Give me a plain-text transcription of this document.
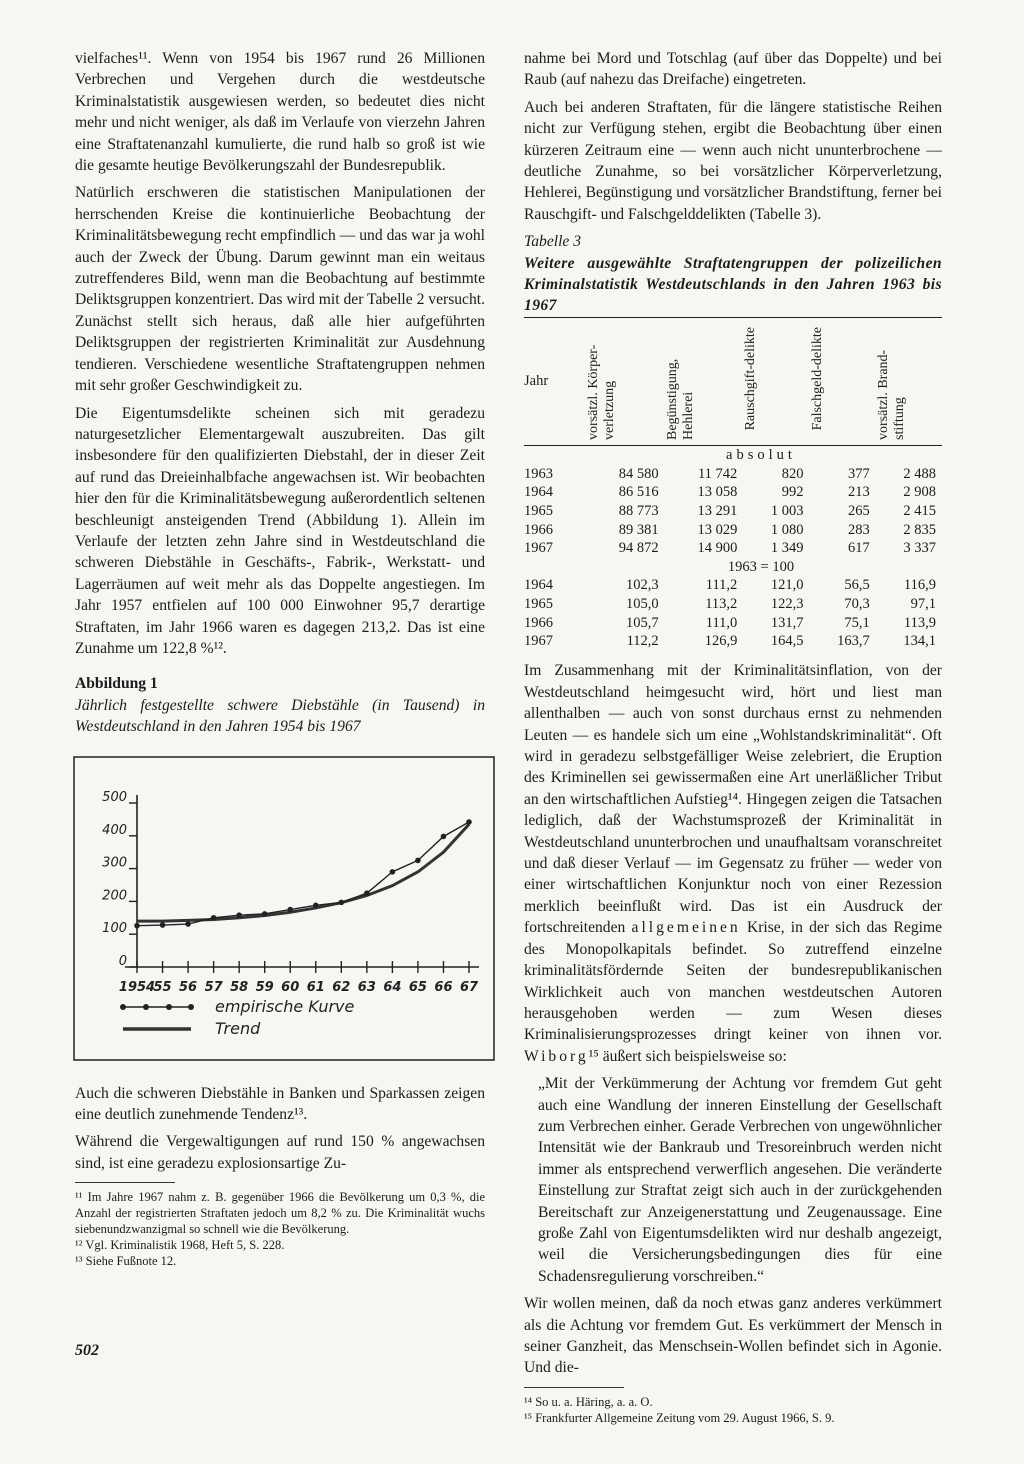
vielfaches¹¹. Wenn von 1954 bis 1967 rund 26 Millionen Verbrechen und Vergehen durch die westdeutsche Kriminalstatistik ausgewiesen werden, so bedeutet dies nicht mehr und nicht weniger, als daß im Verlaufe von vierzehn Jahren eine Straftatenanzahl kumulierte, die rund halb so groß ist wie die gesamte heutige Bevölkerungszahl der Bundesrepublik.

Natürlich erschweren die statistischen Manipulationen der herrschenden Kreise die kontinuierliche Beobachtung der Kriminalitätsbewegung recht empfindlich — und das war ja wohl auch der Zweck der Übung. Darum gewinnt man ein weitaus zutreffenderes Bild, wenn man die Beobachtung auf bestimmte Deliktsgruppen konzentriert. Das wird mit der Tabelle 2 versucht. Zunächst stellt sich heraus, daß alle hier aufgeführten Deliktsgruppen der registrierten Kriminalität zur Ausdehnung tendieren. Verschiedene wesentliche Straftatengruppen nehmen mit sehr großer Geschwindigkeit zu.

Die Eigentumsdelikte scheinen sich mit geradezu naturgesetzlicher Elementargewalt auszubreiten. Das gilt insbesondere für den qualifizierten Diebstahl, der in dieser Zeit auf rund das Dreieinhalbfache angewachsen ist. Wir beobachten hier den für die Kriminalitätsbewegung außerordentlich seltenen beschleunigt ansteigenden Trend (Abbildung 1). Allein im Verlaufe der letzten zehn Jahre sind in Westdeutschland die schweren Diebstähle in Geschäfts-, Fabrik-, Werkstatt- und Lagerräumen auf weit mehr als das Doppelte angestiegen. Im Jahr 1957 entfielen auf 100 000 Einwohner 95,7 derartige Straftaten, im Jahr 1966 waren es dagegen 213,2. Das ist eine Zunahme um 122,8 %¹².

Abbildung 1
Jährlich festgestellte schwere Diebstähle (in Tausend) in Westdeutschland in den Jahren 1954 bis 1967
0
100
200
300
400
500
1954
55 56 57 58 59 60 61 62 63 64 65 66 67
empirische Kurve
Trend

Auch die schweren Diebstähle in Banken und Sparkassen zeigen eine deutlich zunehmende Tendenz¹³.

Während die Vergewaltigungen auf rund 150 % angewachsen sind, ist eine geradezu explosionsartige Zu-

¹¹ Im Jahre 1967 nahm z. B. gegenüber 1966 die Bevölkerung um 0,3 %, die Anzahl der registrierten Straftaten jedoch um 8,2 % zu. Die Kriminalität wuchs siebenundzwanzigmal so schnell wie die Bevölkerung.

¹² Vgl. Kriminalistik 1968, Heft 5, S. 228.

¹³ Siehe Fußnote 12.

502

nahme bei Mord und Totschlag (auf über das Doppelte) und bei Raub (auf nahezu das Dreifache) eingetreten.

Auch bei anderen Straftaten, für die längere statistische Reihen nicht zur Verfügung stehen, ergibt die Beobachtung über einen kürzeren Zeitraum eine — wenn auch nicht ununterbrochene — deutliche Zunahme, so bei vorsätzlicher Körperverletzung, Hehlerei, Begünstigung und vorsätzlicher Brandstiftung, ferner bei Rauschgift- und Falschgelddelikten (Tabelle 3).

Tabelle 3
Weitere ausgewählte Straftatengruppen der polizeilichen Kriminalstatistik Westdeutschlands in den Jahren 1963 bis 1967
Jahr	vorsätzl. Körper-verletzung	Begünstigung, Hehlerei	Rauschgift-delikte	Falschgeld-delikte	vorsätzl. Brand-stiftung
	absolut				
1963	84 580	11 742	820	377	2 488
1964	86 516	13 058	992	213	2 908
1965	88 773	13 291	1 003	265	2 415
1966	89 381	13 029	1 080	283	2 835
1967	94 872	14 900	1 349	617	3 337
	1963 = 100				
1964	102,3	111,2	121,0	56,5	116,9
1965	105,0	113,2	122,3	70,3	97,1
1966	105,7	111,0	131,7	75,1	113,9
1967	112,2	126,9	164,5	163,7	134,1

Im Zusammenhang mit der Kriminalitätsinflation, von der Westdeutschland heimgesucht wird, hört und liest man allenthalben — auch von sonst durchaus ernst zu nehmenden Leuten — es handele sich um eine „Wohlstandskriminalität“. Oft wird in geradezu selbstgefälliger Weise zelebriert, die Eruption des Kriminellen sei gewissermaßen eine Art unerläßlicher Tribut an den wirtschaftlichen Aufstieg¹⁴. Hingegen zeigen die Tatsachen lediglich, daß der Wachstumsprozeß der Kriminalität in Westdeutschland ununterbrochen und unaufhaltsam voranschreitet und daß dieser Verlauf — im Gegensatz zu früher — weder von einer wirtschaftlichen Konjunktur noch von einer Rezession merklich beeinflußt wird. Das ist ein Ausdruck der fortschreitenden allgemeinen Krise, in der sich das Regime des Monopolkapitals befindet. So zutreffend einzelne kriminalitätsfördernde Seiten der bundesrepublikanischen Wirklichkeit auch von manchen westdeutschen Autoren herausgehoben werden — zum Wesen dieses Kriminalisierungsprozesses dringt keiner von ihnen vor. Wiborg¹⁵ äußert sich beispielsweise so:

„Mit der Verkümmerung der Achtung vor fremdem Gut geht auch eine Wandlung der inneren Einstellung der Gesellschaft zum Verbrechen einher. Gerade Verbrechen von ungewöhnlicher Intensität wie der Bankraub und Tresoreinbruch werden nicht immer als entsprechend verwerflich angesehen. Die veränderte Einstellung zur Straftat zeigt sich auch in der zurückgehenden Bereitschaft zur Anzeigenerstattung und Zeugenaussage. Eine große Zahl von Eigentumsdelikten wird nur deshalb angezeigt, weil die Versicherungsbedingungen dies für eine Schadensregulierung vorschreiben.“

Wir wollen meinen, daß da noch etwas ganz anderes verkümmert als die Achtung vor fremdem Gut. Es verkümmert der Mensch in seiner Ganzheit, das Menschsein-Wollen befindet sich in Agonie. Und die-

¹⁴ So u. a. Häring, a. a. O.

¹⁵ Frankfurter Allgemeine Zeitung vom 29. August 1966, S. 9.
